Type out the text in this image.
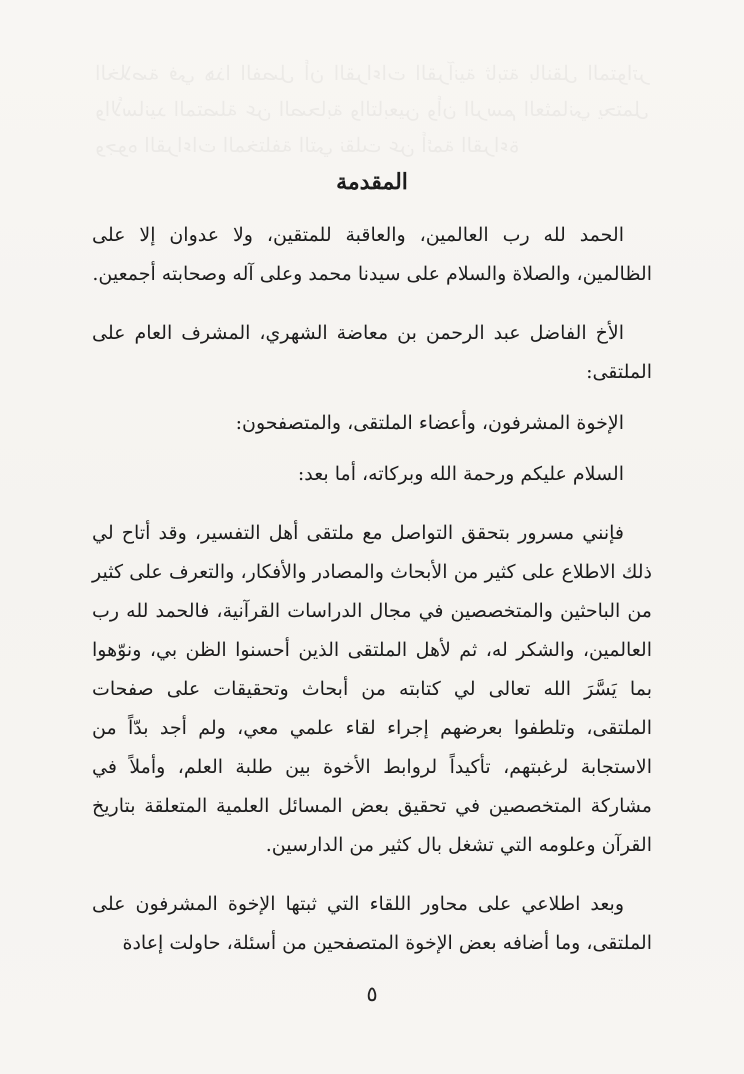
المقدمة

الحمد لله رب العالمين، والعاقبة للمتقين، ولا عدوان إلا على الظالمين، والصلاة والسلام على سيدنا محمد وعلى آله وصحابته أجمعين.

الأخ الفاضل عبد الرحمن بن معاضة الشهري، المشرف العام على الملتقى:

الإخوة المشرفون، وأعضاء الملتقى، والمتصفحون:

السلام عليكم ورحمة الله وبركاته، أما بعد:

فإنني مسرور بتحقق التواصل مع ملتقى أهل التفسير، وقد أتاح لي ذلك الاطلاع على كثير من الأبحاث والمصادر والأفكار، والتعرف على كثير من الباحثين والمتخصصين في مجال الدراسات القرآنية، فالحمد لله رب العالمين، والشكر له، ثم لأهل الملتقى الذين أحسنوا الظن بي، ونوّهوا بما يَسَّرَ الله تعالى لي كتابته من أبحاث وتحقيقات على صفحات الملتقى، وتلطفوا بعرضهم إجراء لقاء علمي معي، ولم أجد بدّاً من الاستجابة لرغبتهم، تأكيداً لروابط الأخوة بين طلبة العلم، وأملاً في مشاركة المتخصصين في تحقيق بعض المسائل العلمية المتعلقة بتاريخ القرآن وعلومه التي تشغل بال كثير من الدارسين.

وبعد اطلاعي على محاور اللقاء التي ثبتها الإخوة المشرفون على الملتقى، وما أضافه بعض الإخوة المتصفحين من أسئلة، حاولت إعادة

٥
